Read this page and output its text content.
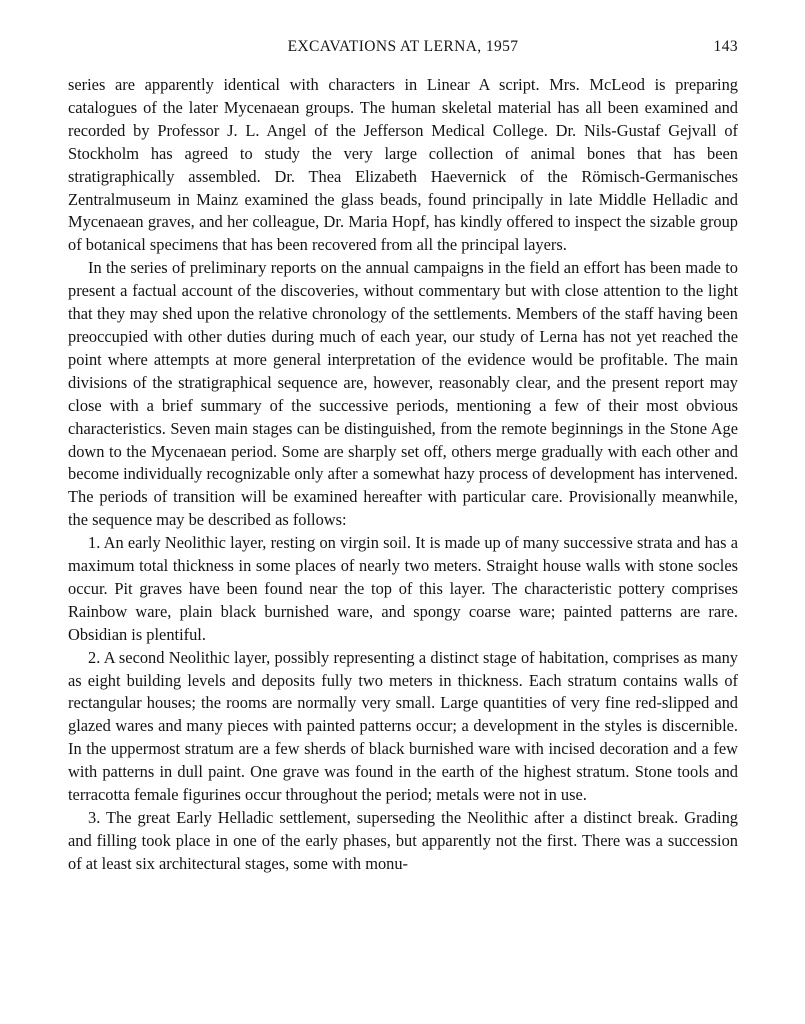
EXCAVATIONS AT LERNA, 1957	143

series are apparently identical with characters in Linear A script. Mrs. McLeod is preparing catalogues of the later Mycenaean groups. The human skeletal material has all been examined and recorded by Professor J. L. Angel of the Jefferson Medical College. Dr. Nils-Gustaf Gejvall of Stockholm has agreed to study the very large collection of animal bones that has been stratigraphically assembled. Dr. Thea Elizabeth Haevernick of the Römisch-Germanisches Zentralmuseum in Mainz examined the glass beads, found principally in late Middle Helladic and Mycenaean graves, and her colleague, Dr. Maria Hopf, has kindly offered to inspect the sizable group of botanical specimens that has been recovered from all the principal layers.

In the series of preliminary reports on the annual campaigns in the field an effort has been made to present a factual account of the discoveries, without commentary but with close attention to the light that they may shed upon the relative chronology of the settlements. Members of the staff having been preoccupied with other duties during much of each year, our study of Lerna has not yet reached the point where attempts at more general interpretation of the evidence would be profitable. The main divisions of the stratigraphical sequence are, however, reasonably clear, and the present report may close with a brief summary of the successive periods, mentioning a few of their most obvious characteristics. Seven main stages can be distinguished, from the remote beginnings in the Stone Age down to the Mycenaean period. Some are sharply set off, others merge gradually with each other and become individually recognizable only after a somewhat hazy process of development has intervened. The periods of transition will be examined hereafter with particular care. Provisionally meanwhile, the sequence may be described as follows:

1. An early Neolithic layer, resting on virgin soil. It is made up of many successive strata and has a maximum total thickness in some places of nearly two meters. Straight house walls with stone socles occur. Pit graves have been found near the top of this layer. The characteristic pottery comprises Rainbow ware, plain black burnished ware, and spongy coarse ware; painted patterns are rare. Obsidian is plentiful.

2. A second Neolithic layer, possibly representing a distinct stage of habitation, comprises as many as eight building levels and deposits fully two meters in thickness. Each stratum contains walls of rectangular houses; the rooms are normally very small. Large quantities of very fine red-slipped and glazed wares and many pieces with painted patterns occur; a development in the styles is discernible. In the uppermost stratum are a few sherds of black burnished ware with incised decoration and a few with patterns in dull paint. One grave was found in the earth of the highest stratum. Stone tools and terracotta female figurines occur throughout the period; metals were not in use.

3. The great Early Helladic settlement, superseding the Neolithic after a distinct break. Grading and filling took place in one of the early phases, but apparently not the first. There was a succession of at least six architectural stages, some with monu-
